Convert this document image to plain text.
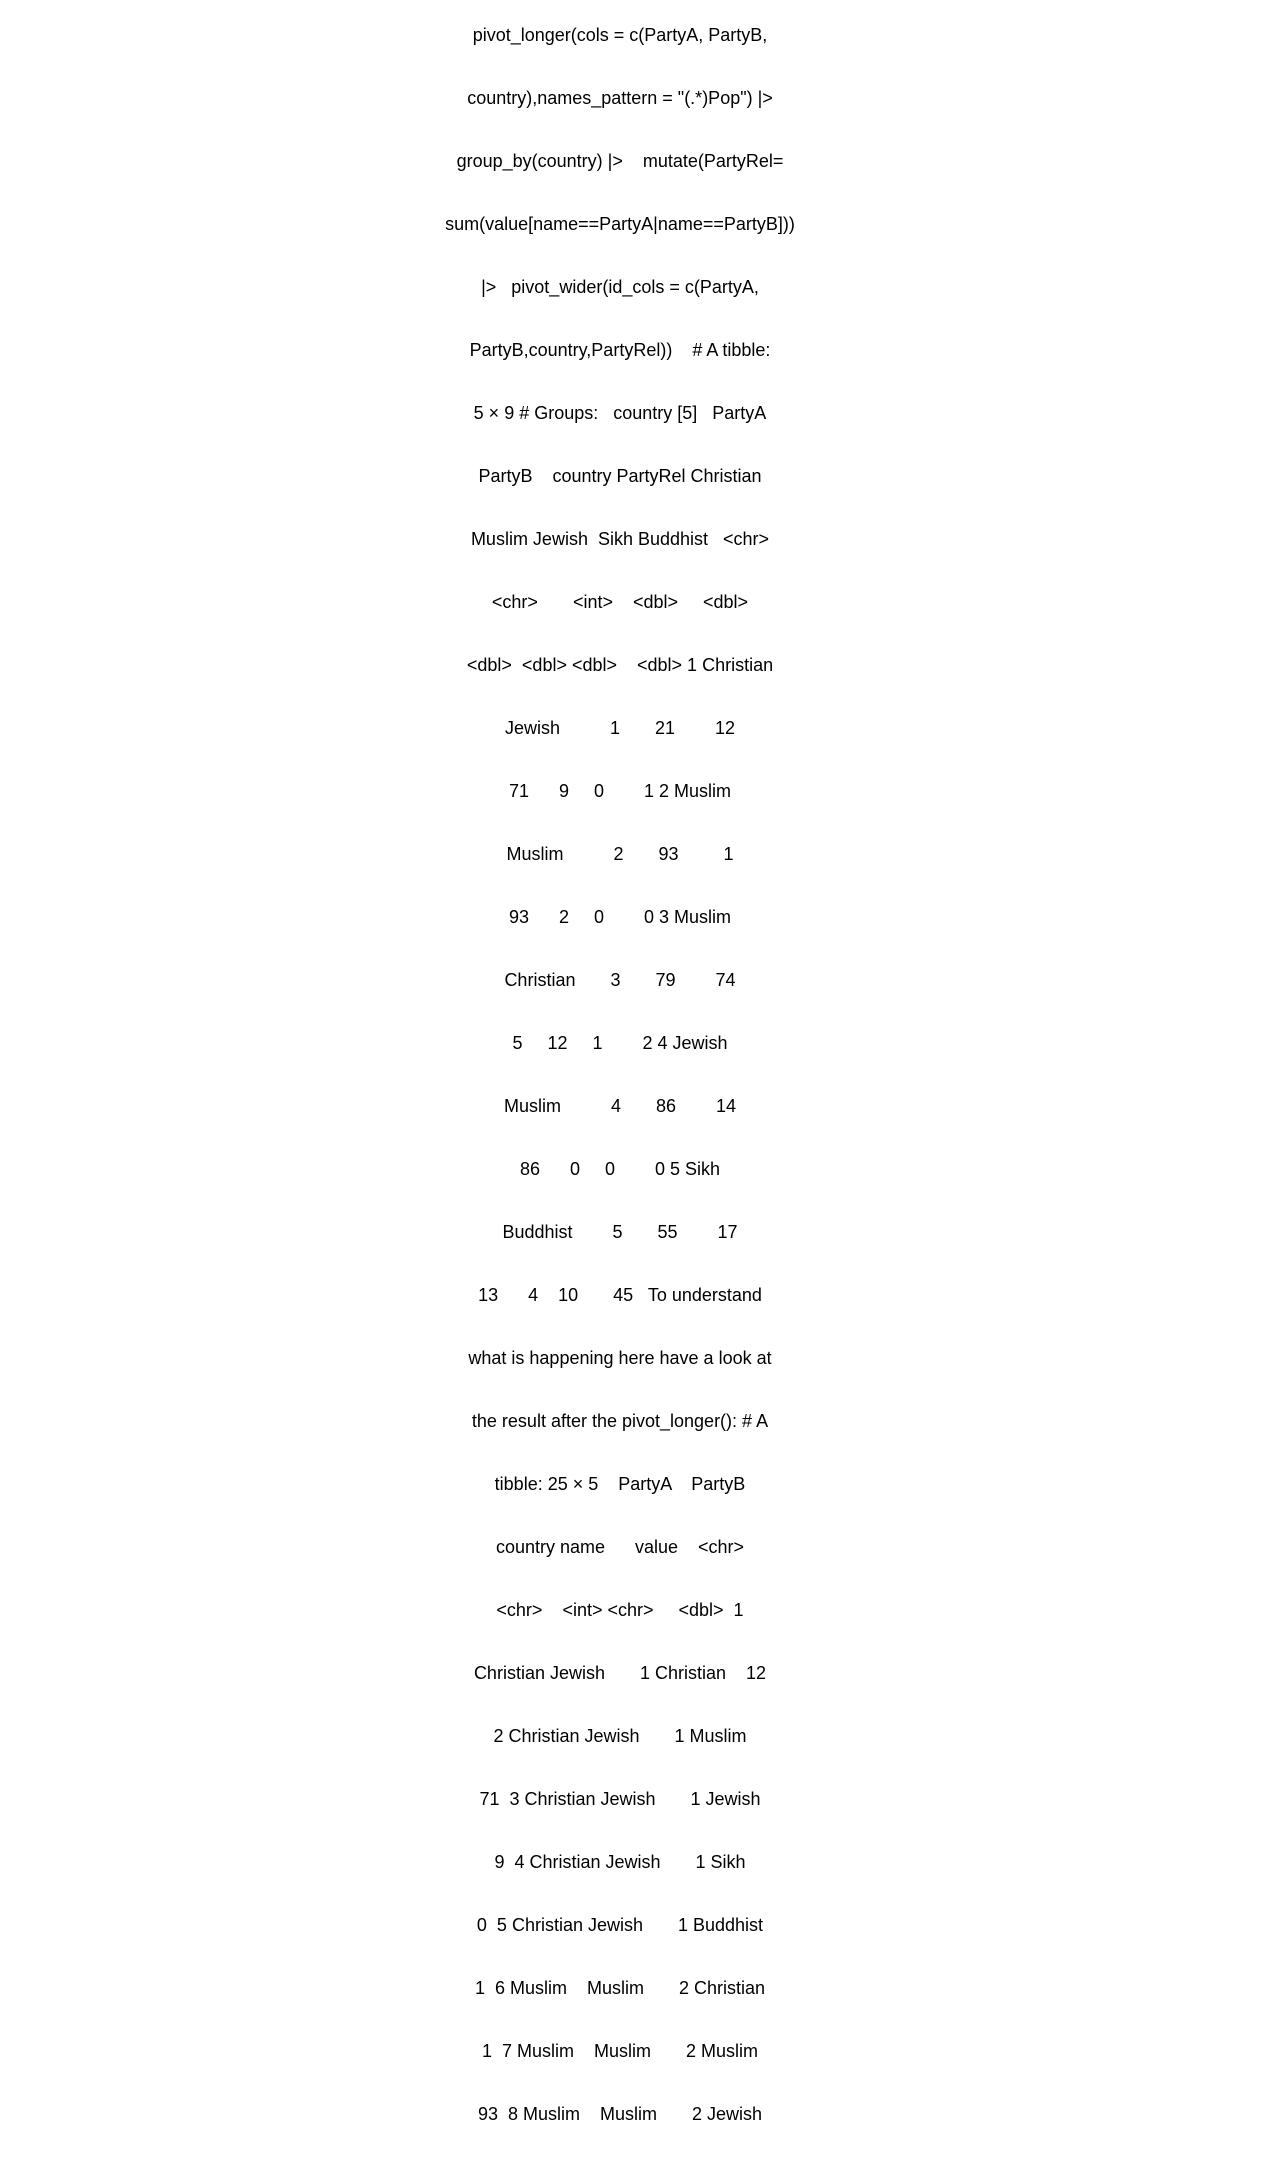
pivot_longer(cols = c(PartyA, PartyB,

country),names_pattern = "(.*)Pop") |>

group_by(country) |>    mutate(PartyRel=

sum(value[name==PartyA|name==PartyB]))

|>   pivot_wider(id_cols = c(PartyA,

PartyB,country,PartyRel))    # A tibble:

5 × 9 # Groups:   country [5]   PartyA

PartyB    country PartyRel Christian

Muslim Jewish  Sikh Buddhist   <chr>

<chr>       <int>    <dbl>     <dbl>

<dbl>  <dbl> <dbl>    <dbl> 1 Christian

Jewish          1       21        12

71      9     0        1 2 Muslim

Muslim          2       93         1

93      2     0        0 3 Muslim

Christian       3       79        74

5     12     1        2 4 Jewish

Muslim          4       86        14

86      0     0        0 5 Sikh

Buddhist        5       55        17

13      4    10       45   To understand

what is happening here have a look at

the result after the pivot_longer(): # A

tibble: 25 × 5    PartyA    PartyB

country name      value    <chr>

<chr>    <int> <chr>     <dbl>  1

Christian Jewish       1 Christian    12

2 Christian Jewish       1 Muslim

71  3 Christian Jewish       1 Jewish

9  4 Christian Jewish       1 Sikh

0  5 Christian Jewish       1 Buddhist

1  6 Muslim    Muslim       2 Christian

1  7 Muslim    Muslim       2 Muslim

93  8 Muslim    Muslim       2 Jewish
